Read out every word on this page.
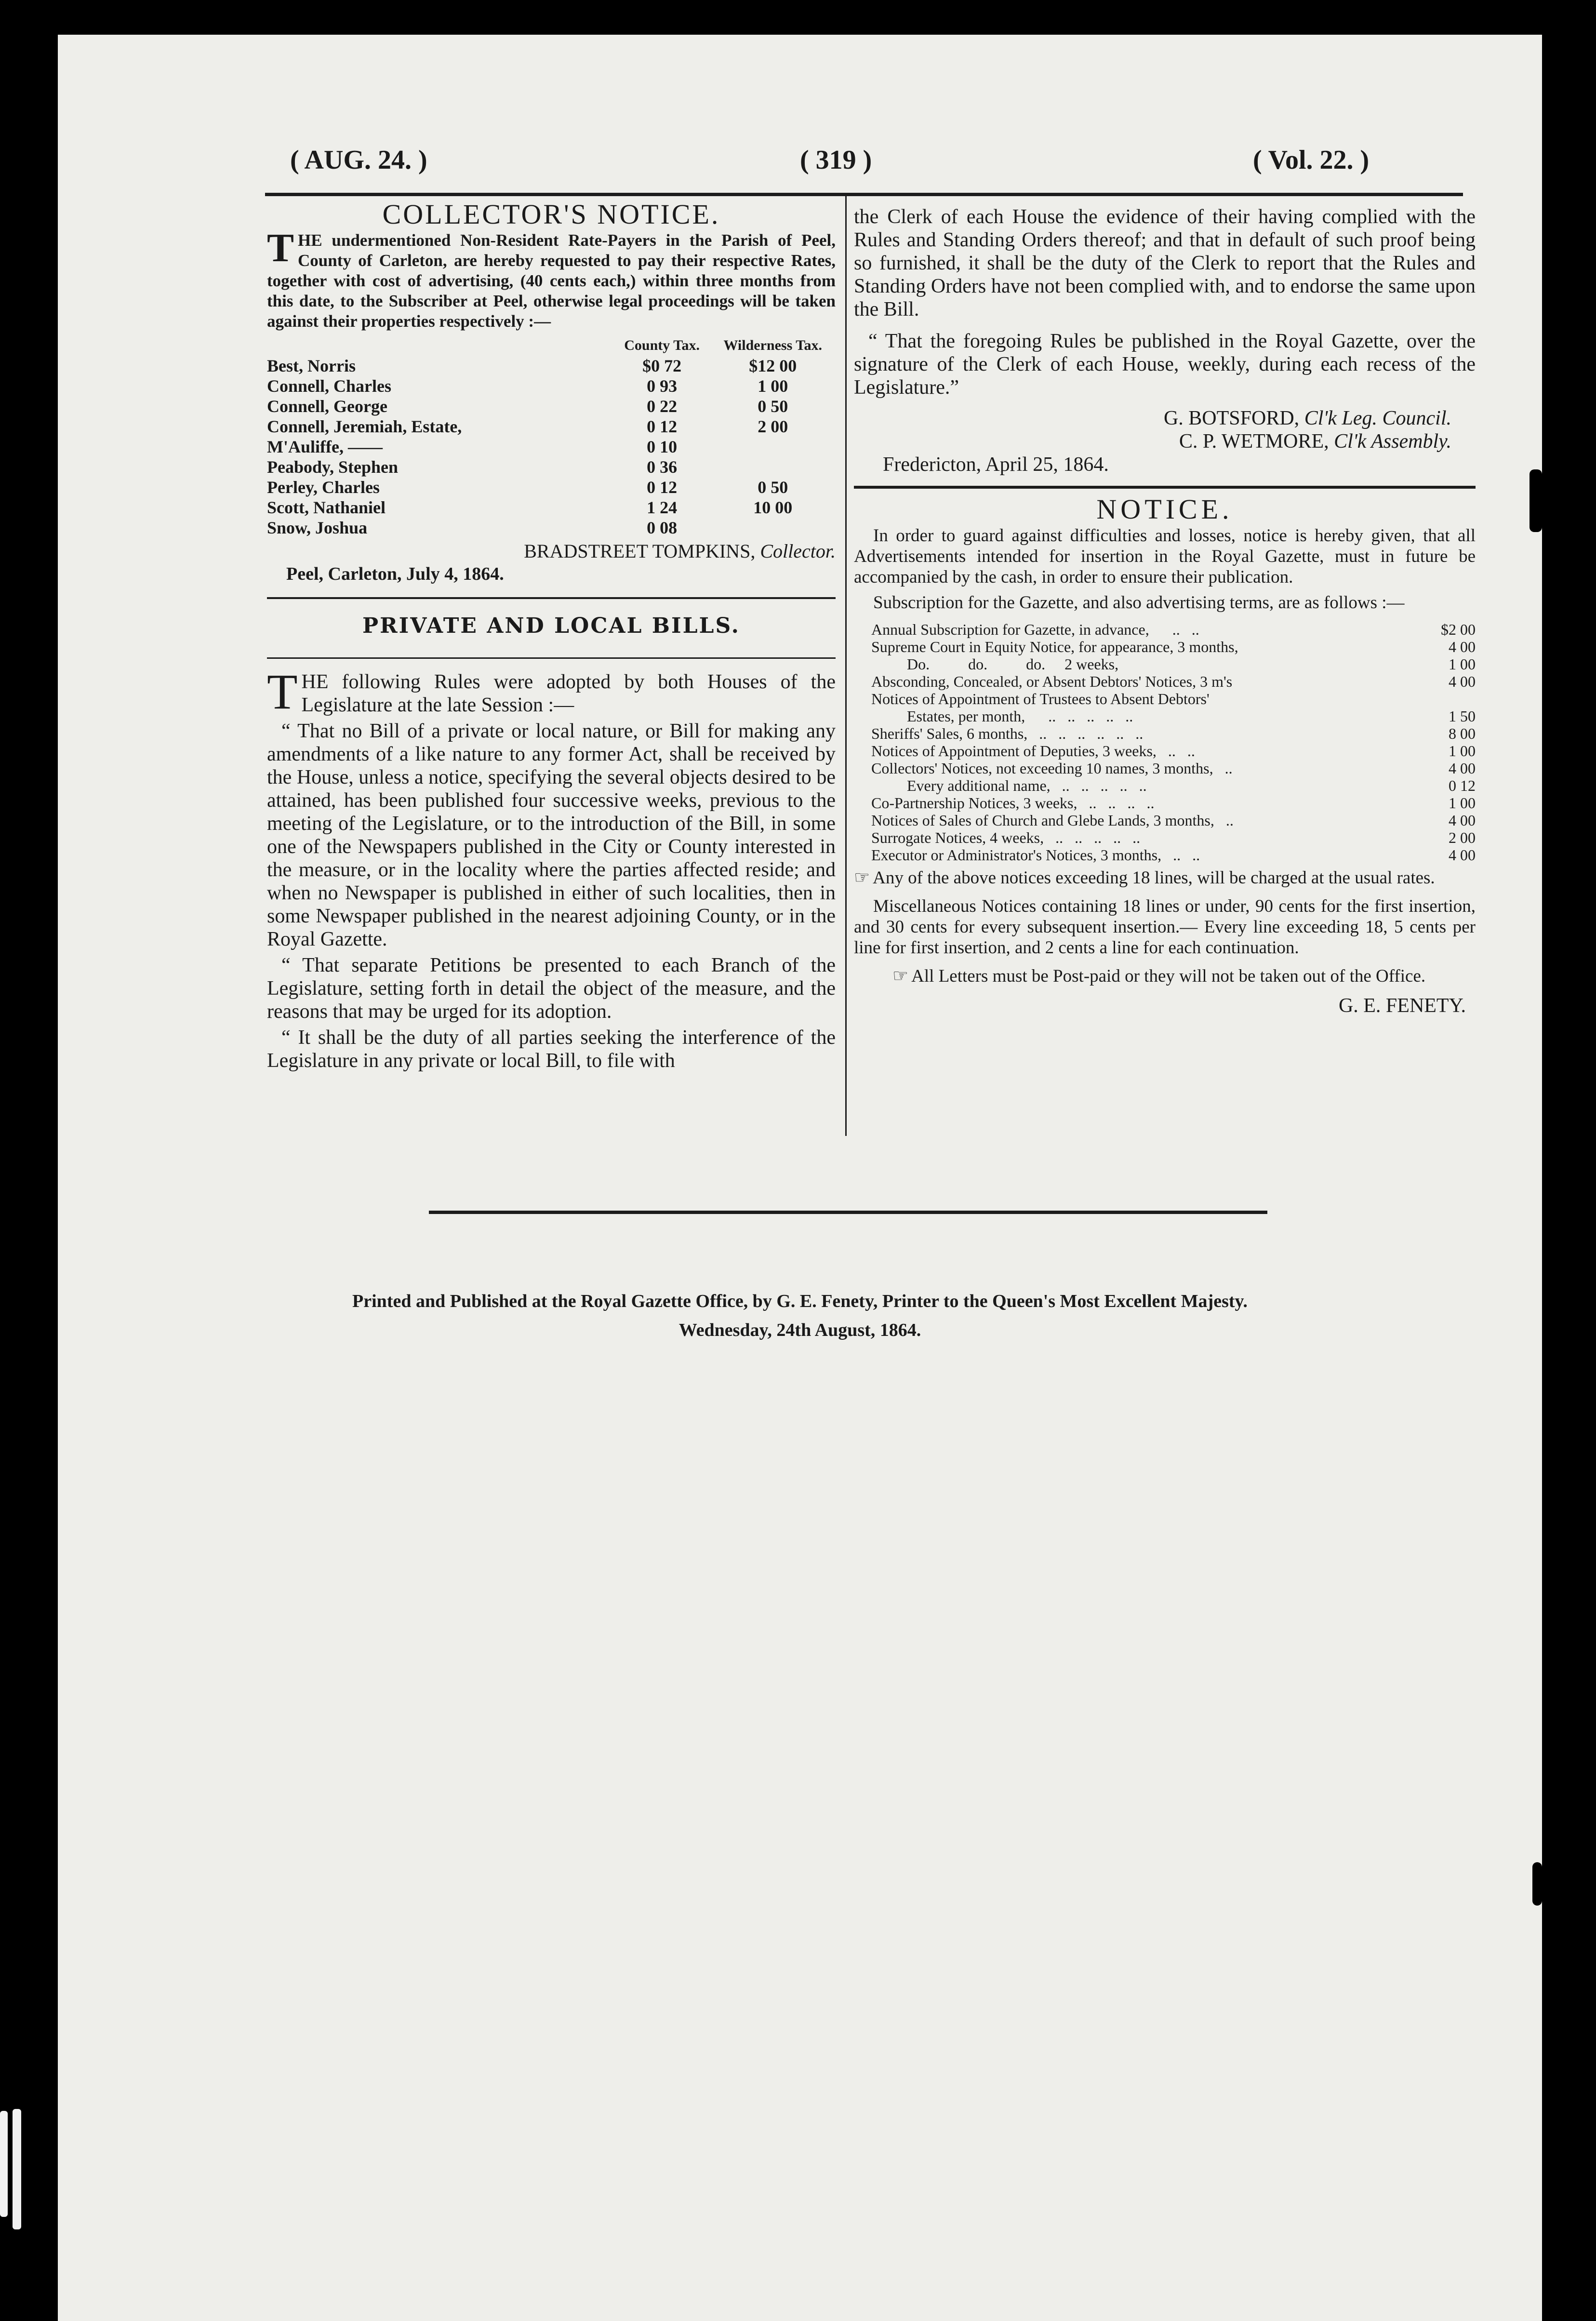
( AUG. 24. )	( 319 )	( Vol. 22. )
COLLECTOR'S NOTICE.
THE undermentioned Non-Resident Rate-Payers in the Parish of Peel, County of Carleton, are hereby requested to pay their respective Rates, together with cost of advertising, (40 cents each,) within three months from this date, to the Subscriber at Peel, otherwise legal proceedings will be taken against their properties respectively :—
	County Tax.	Wilderness Tax.
Best, Norris	$0 72	$12 00
Connell, Charles	0 93	1 00
Connell, George	0 22	0 50
Connell, Jeremiah, Estate,	0 12	2 00
M'Auliffe, ——	0 10	
Peabody, Stephen	0 36	
Perley, Charles	0 12	0 50
Scott, Nathaniel	1 24	10 00
Snow, Joshua	0 08	
BRADSTREET TOMPKINS, Collector.
Peel, Carleton, July 4, 1864.
PRIVATE AND LOCAL BILLS.
THE following Rules were adopted by both Houses of the Legislature at the late Session :—
“ That no Bill of a private or local nature, or Bill for making any amendments of a like nature to any former Act, shall be received by the House, unless a notice, specifying the several objects desired to be attained, has been published four successive weeks, previous to the meeting of the Legislature, or to the introduction of the Bill, in some one of the Newspapers published in the City or County interested in the measure, or in the locality where the parties affected reside; and when no Newspaper is published in either of such localities, then in some Newspaper published in the nearest adjoining County, or in the Royal Gazette.
“ That separate Petitions be presented to each Branch of the Legislature, setting forth in detail the object of the measure, and the reasons that may be urged for its adoption.
“ It shall be the duty of all parties seeking the interference of the Legislature in any private or local Bill, to file with
the Clerk of each House the evidence of their having complied with the Rules and Standing Orders thereof; and that in default of such proof being so furnished, it shall be the duty of the Clerk to report that the Rules and Standing Orders have not been complied with, and to endorse the same upon the Bill.
“ That the foregoing Rules be published in the Royal Gazette, over the signature of the Clerk of each House, weekly, during each recess of the Legislature.”
G. BOTSFORD, Cl'k Leg. Council.
C. P. WETMORE, Cl'k Assembly.
Fredericton, April 25, 1864.
NOTICE.
In order to guard against difficulties and losses, notice is hereby given, that all Advertisements intended for insertion in the Royal Gazette, must in future be accompanied by the cash, in order to ensure their publication.
Subscription for the Gazette, and also advertising terms, are as follows :—
Annual Subscription for Gazette, in advance,      ..   ..	$2 00
Supreme Court in Equity Notice, for appearance, 3 months,	4 00
Do.          do.          do.     2 weeks,	1 00
Absconding, Concealed, or Absent Debtors' Notices, 3 m's	4 00
Notices of Appointment of Trustees to Absent Debtors'	
Estates, per month,      ..   ..   ..   ..   ..	1 50
Sheriffs' Sales, 6 months,   ..   ..   ..   ..   ..   ..	8 00
Notices of Appointment of Deputies, 3 weeks,   ..   ..	1 00
Collectors' Notices, not exceeding 10 names, 3 months,   ..	4 00
Every additional name,   ..   ..   ..   ..   ..	0 12
Co-Partnership Notices, 3 weeks,   ..   ..   ..   ..	1 00
Notices of Sales of Church and Glebe Lands, 3 months,   ..	4 00
Surrogate Notices, 4 weeks,   ..   ..   ..   ..   ..	2 00
Executor or Administrator's Notices, 3 months,   ..   ..	4 00
☞ Any of the above notices exceeding 18 lines, will be charged at the usual rates.
Miscellaneous Notices containing 18 lines or under, 90 cents for the first insertion, and 30 cents for every subsequent insertion.— Every line exceeding 18, 5 cents per line for first insertion, and 2 cents a line for each continuation.
☞ All Letters must be Post-paid or they will not be taken out of the Office.
G. E. FENETY.
Printed and Published at the Royal Gazette Office, by G. E. Fenety, Printer to the Queen's Most Excellent Majesty.
Wednesday, 24th August, 1864.
